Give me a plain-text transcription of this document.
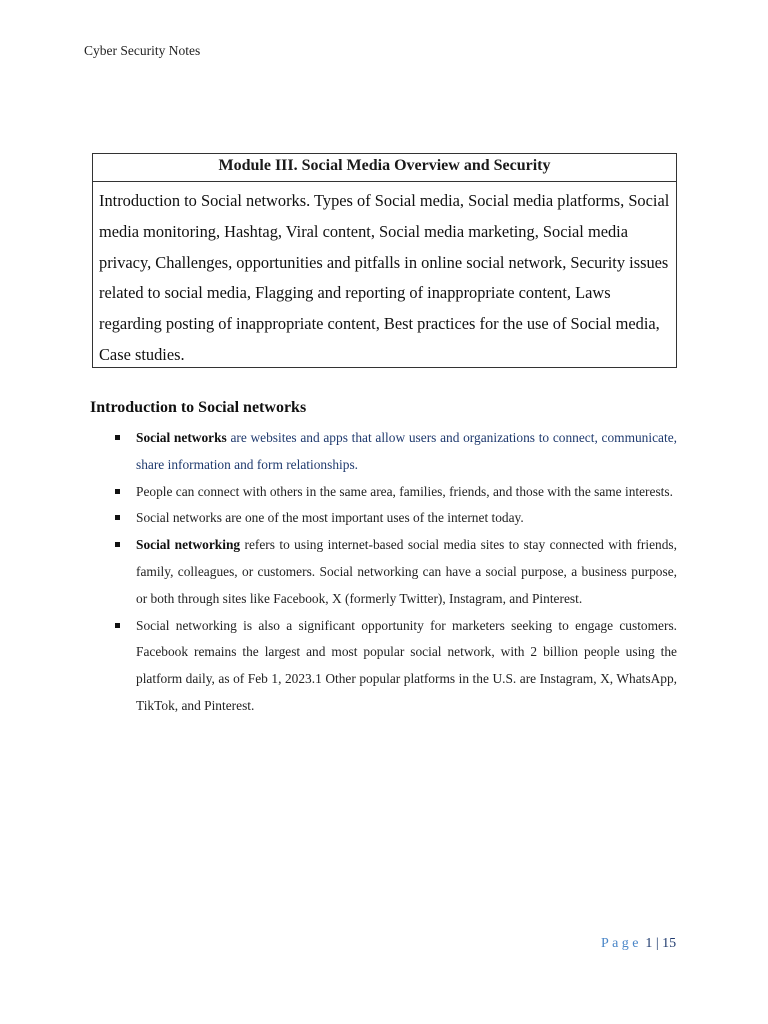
Cyber Security Notes
Module III. Social Media Overview and Security
Introduction to Social networks. Types of Social media, Social media platforms, Social media monitoring, Hashtag, Viral content, Social media marketing, Social media privacy, Challenges, opportunities and pitfalls in online social network, Security issues related to social media, Flagging and reporting of inappropriate content, Laws regarding posting of inappropriate content, Best practices for the use of Social media, Case studies.
Introduction to Social networks
Social networks are websites and apps that allow users and organizations to connect, communicate, share information and form relationships.
People can connect with others in the same area, families, friends, and those with the same interests.
Social networks are one of the most important uses of the internet today.
Social networking refers to using internet-based social media sites to stay connected with friends, family, colleagues, or customers. Social networking can have a social purpose, a business purpose, or both through sites like Facebook, X (formerly Twitter), Instagram, and Pinterest.
Social networking is also a significant opportunity for marketers seeking to engage customers. Facebook remains the largest and most popular social network, with 2 billion people using the platform daily, as of Feb 1, 2023.1 Other popular platforms in the U.S. are Instagram, X, WhatsApp, TikTok, and Pinterest.
Page 1 | 15
